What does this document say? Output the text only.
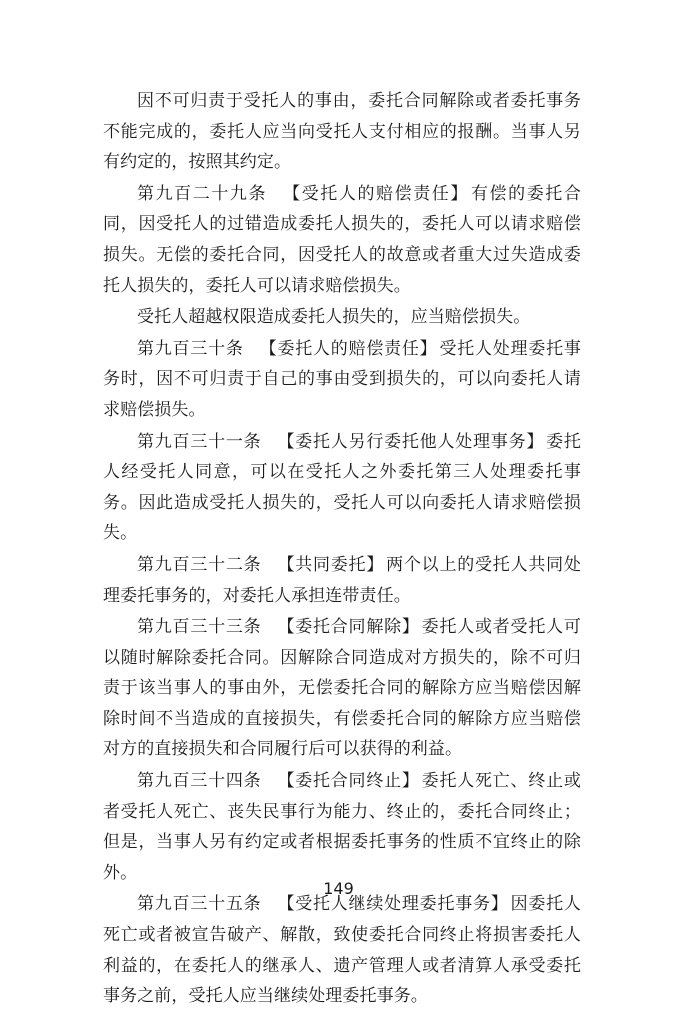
因不可归责于受托人的事由，委托合同解除或者委托事务不能完成的，委托人应当向受托人支付相应的报酬。当事人另有约定的，按照其约定。

第九百二十九条 【受托人的赔偿责任】 有偿的委托合同，因受托人的过错造成委托人损失的，委托人可以请求赔偿损失。无偿的委托合同，因受托人的故意或者重大过失造成委托人损失的，委托人可以请求赔偿损失。

受托人超越权限造成委托人损失的，应当赔偿损失。

第九百三十条 【委托人的赔偿责任】 受托人处理委托事务时，因不可归责于自己的事由受到损失的，可以向委托人请求赔偿损失。

第九百三十一条 【委托人另行委托他人处理事务】 委托人经受托人同意，可以在受托人之外委托第三人处理委托事务。因此造成受托人损失的，受托人可以向委托人请求赔偿损失。

第九百三十二条 【共同委托】 两个以上的受托人共同处理委托事务的，对委托人承担连带责任。

第九百三十三条 【委托合同解除】 委托人或者受托人可以随时解除委托合同。因解除合同造成对方损失的，除不可归责于该当事人的事由外，无偿委托合同的解除方应当赔偿因解除时间不当造成的直接损失，有偿委托合同的解除方应当赔偿对方的直接损失和合同履行后可以获得的利益。

第九百三十四条 【委托合同终止】 委托人死亡、终止或者受托人死亡、丧失民事行为能力、终止的，委托合同终止；但是，当事人另有约定或者根据委托事务的性质不宜终止的除外。

第九百三十五条 【受托人继续处理委托事务】 因委托人死亡或者被宣告破产、解散，致使委托合同终止将损害委托人利益的，在委托人的继承人、遗产管理人或者清算人承受委托事务之前，受托人应当继续处理委托事务。

149
